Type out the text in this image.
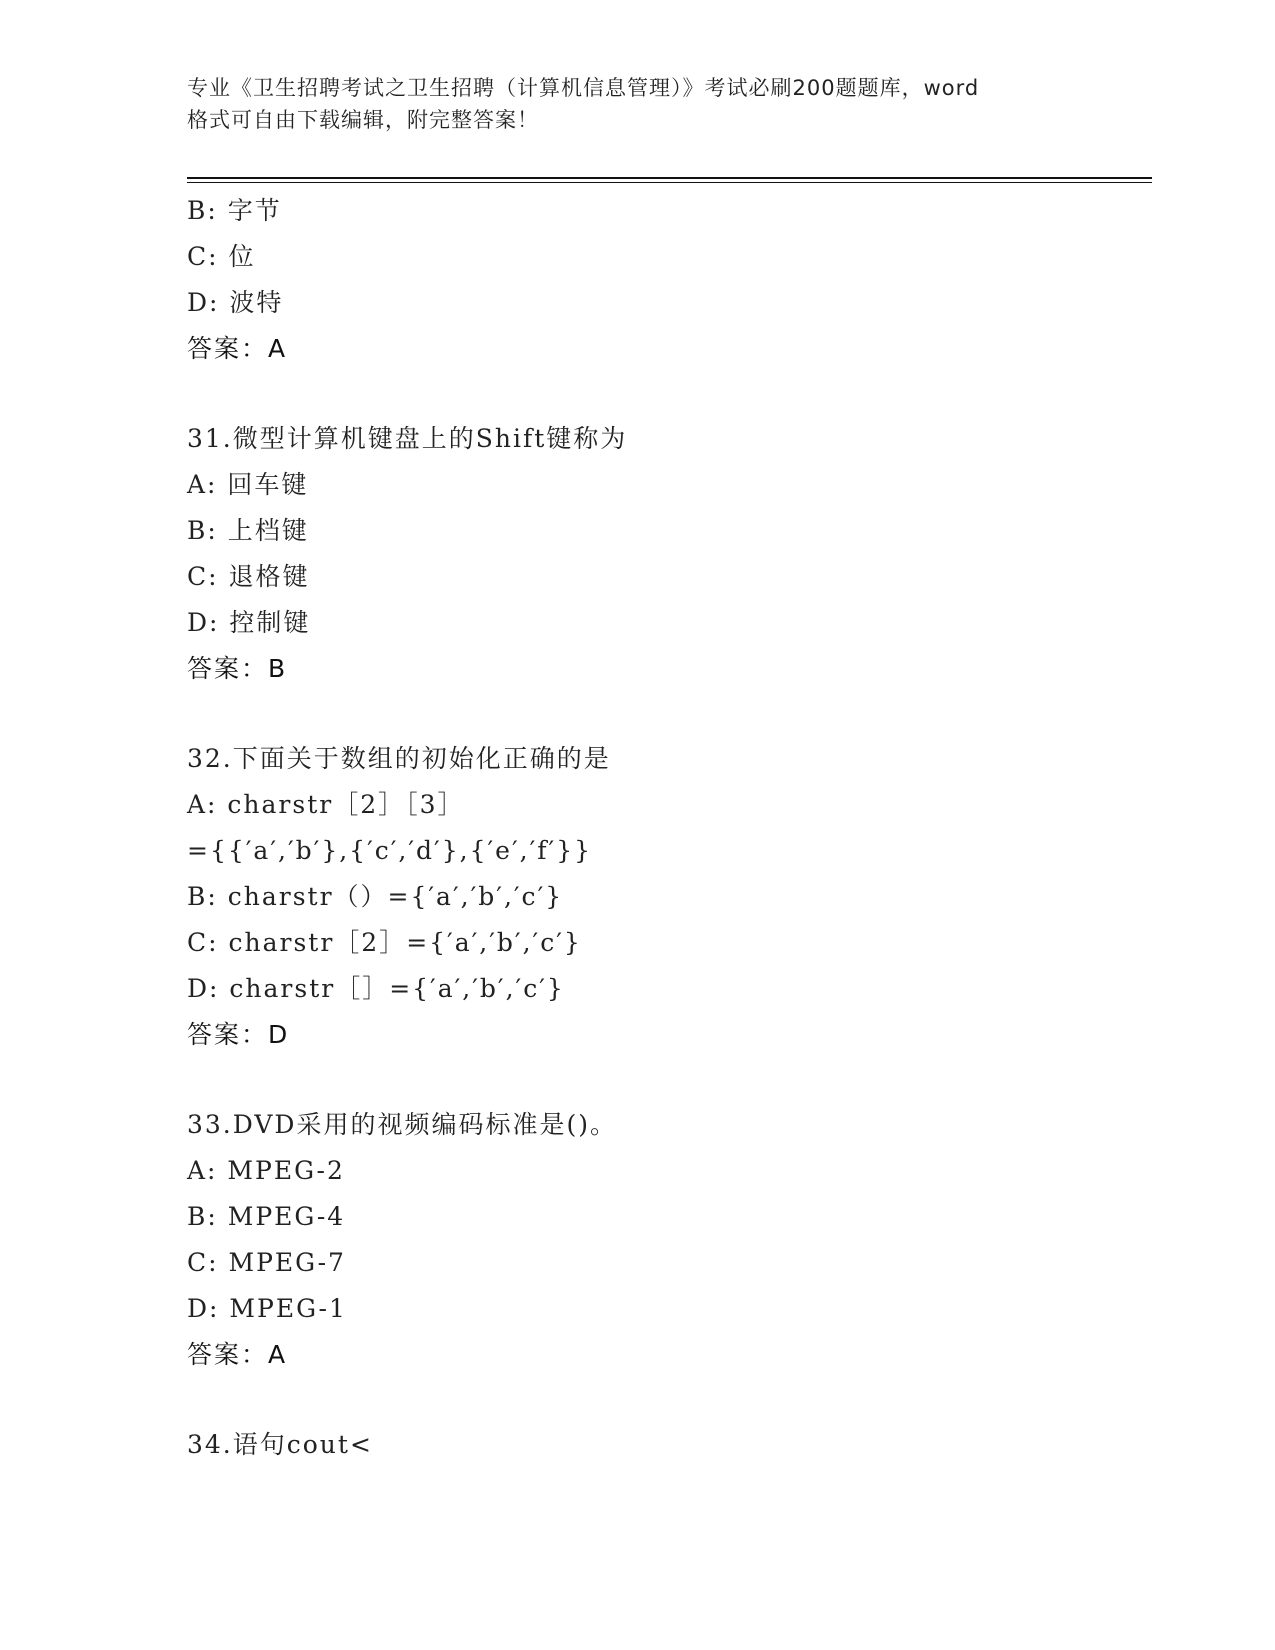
专业《卫生招聘考试之卫生招聘（计算机信息管理）》考试必刷200题题库，word
格式可自由下载编辑，附完整答案！
B: 字节
C: 位
D: 波特
答案：A
31.微型计算机键盘上的Shift键称为
A: 回车键
B: 上档键
C: 退格键
D: 控制键
答案：B
32.下面关于数组的初始化正确的是
A: charstr［2］［3］
={{′a′,′b′},{′c′,′d′},{′e′,′f′}}
B: charstr（）={′a′,′b′,′c′}
C: charstr［2］={′a′,′b′,′c′}
D: charstr［］={′a′,′b′,′c′}
答案：D
33.DVD采用的视频编码标准是()。
A: MPEG-2
B: MPEG-4
C: MPEG-7
D: MPEG-1
答案：A
34.语句cout<
